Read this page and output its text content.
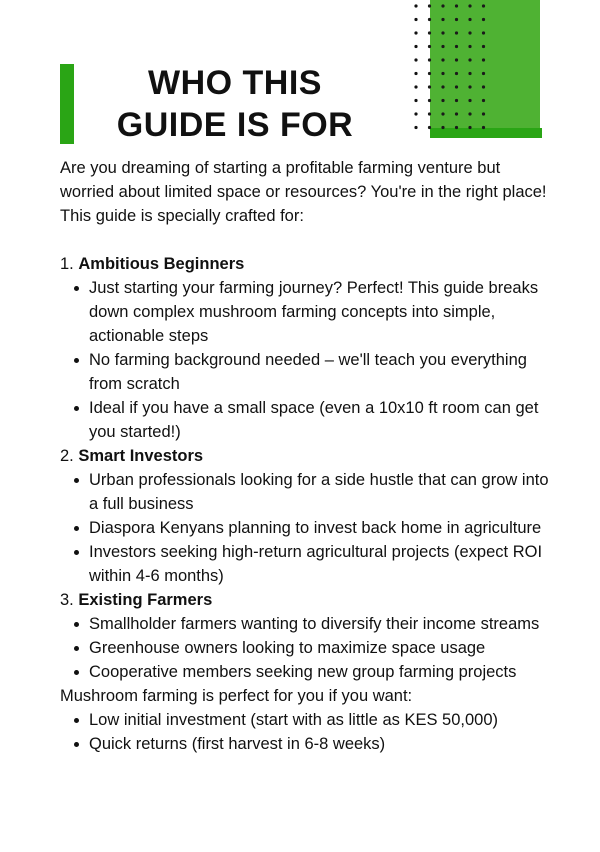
WHO THIS
GUIDE IS FOR

Are you dreaming of starting a profitable farming venture but worried about limited space or resources? You're in the right place! This guide is specially crafted for:

1. Ambitious Beginners

Just starting your farming journey? Perfect! This guide breaks down complex mushroom farming concepts into simple, actionable steps
No farming background needed – we'll teach you everything from scratch
Ideal if you have a small space (even a 10x10 ft room can get you started!)

2. Smart Investors

Urban professionals looking for a side hustle that can grow into a full business
Diaspora Kenyans planning to invest back home in agriculture
Investors seeking high-return agricultural projects (expect ROI within 4-6 months)

3. Existing Farmers

Smallholder farmers wanting to diversify their income streams
Greenhouse owners looking to maximize space usage
Cooperative members seeking new group farming projects

Mushroom farming is perfect for you if you want:

Low initial investment (start with as little as KES 50,000)
Quick returns (first harvest in 6-8 weeks)
